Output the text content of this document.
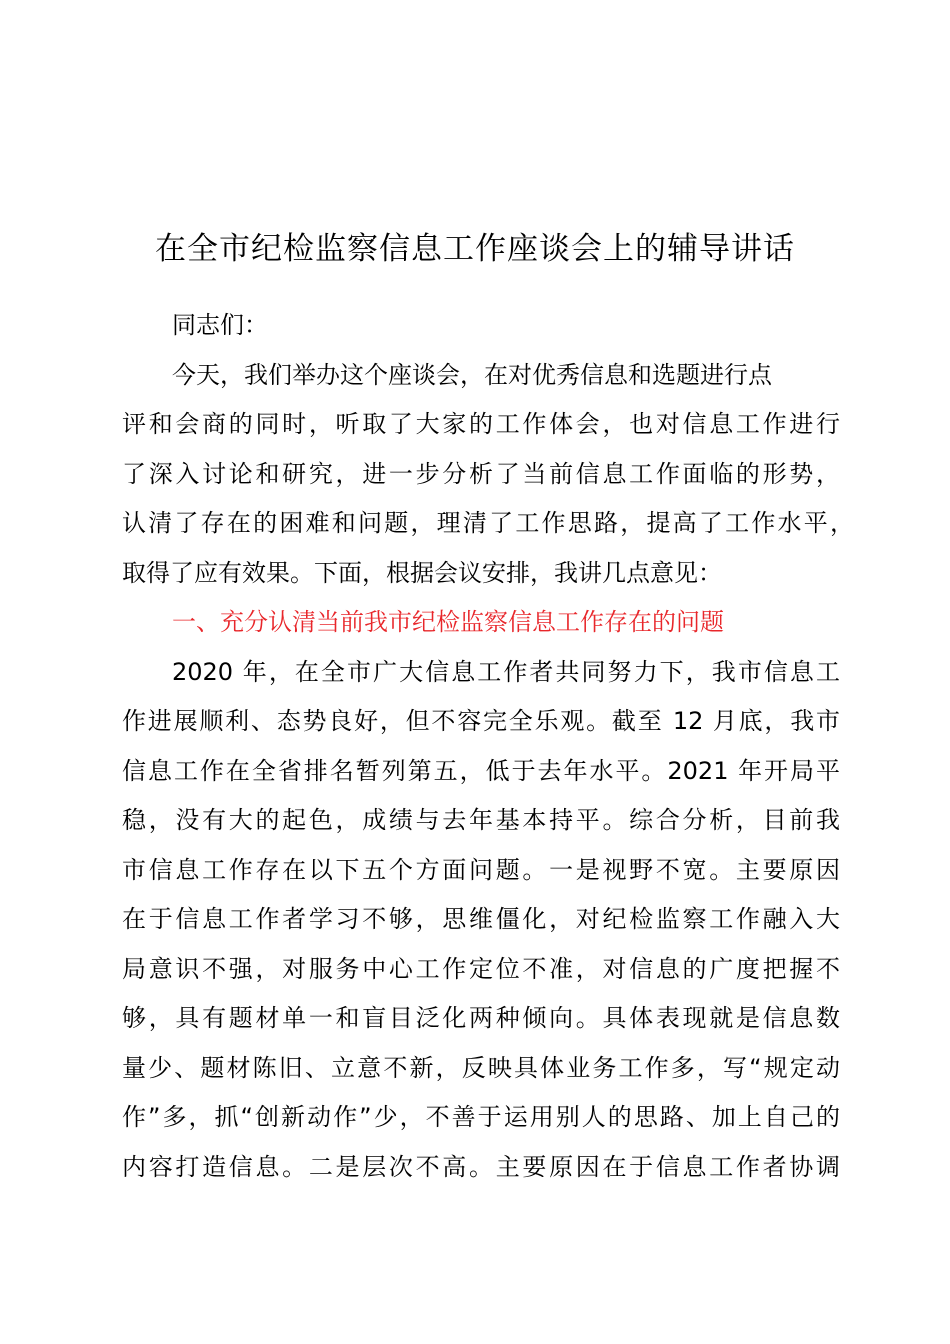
在全市纪检监察信息工作座谈会上的辅导讲话
同志们：
今天，我们举办这个座谈会，在对优秀信息和选题进行点
评和会商的同时，听取了大家的工作体会，也对信息工作进行
了深入讨论和研究，进一步分析了当前信息工作面临的形势，
认清了存在的困难和问题，理清了工作思路，提高了工作水平，
取得了应有效果。下面，根据会议安排，我讲几点意见：
一、充分认清当前我市纪检监察信息工作存在的问题
2020 年，在全市广大信息工作者共同努力下，我市信息工
作进展顺利、态势良好，但不容完全乐观。截至 12 月底，我市
信息工作在全省排名暂列第五，低于去年水平。2021 年开局平
稳，没有大的起色，成绩与去年基本持平。综合分析，目前我
市信息工作存在以下五个方面问题。一是视野不宽。主要原因
在于信息工作者学习不够，思维僵化，对纪检监察工作融入大
局意识不强，对服务中心工作定位不准，对信息的广度把握不
够，具有题材单一和盲目泛化两种倾向。具体表现就是信息数
量少、题材陈旧、立意不新，反映具体业务工作多，写“规定动
作”多，抓“创新动作”少，不善于运用别人的思路、加上自己的
内容打造信息。二是层次不高。主要原因在于信息工作者协调
